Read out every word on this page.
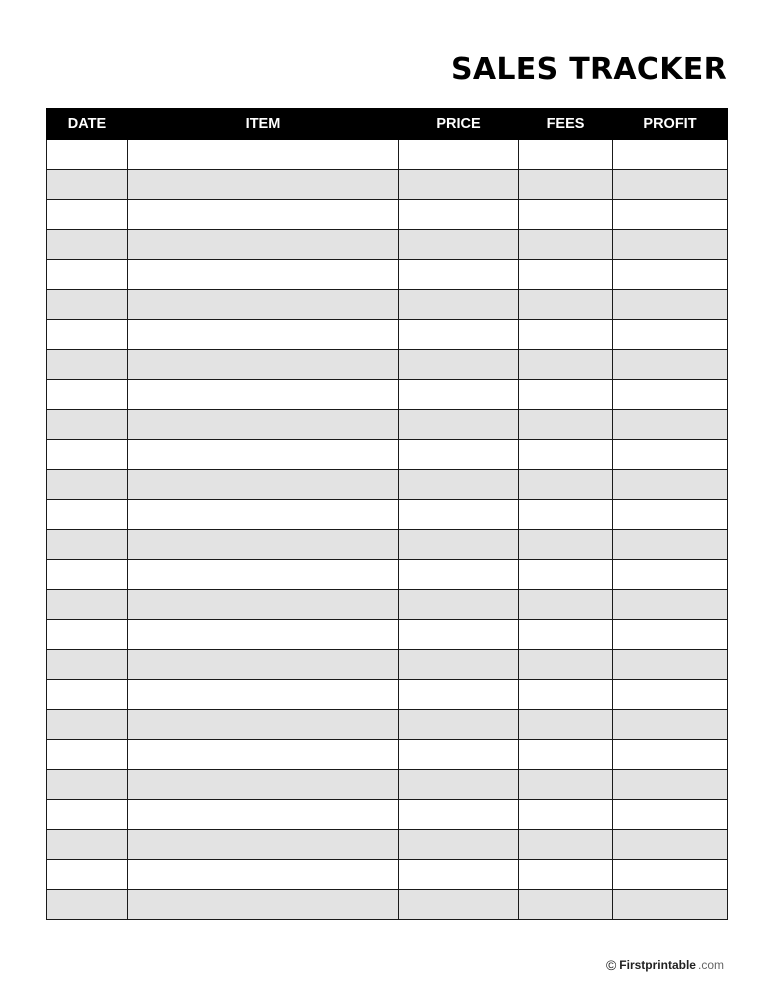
SALES TRACKER
DATE	ITEM	PRICE	FEES	PROFIT

© Firstprintable .com
